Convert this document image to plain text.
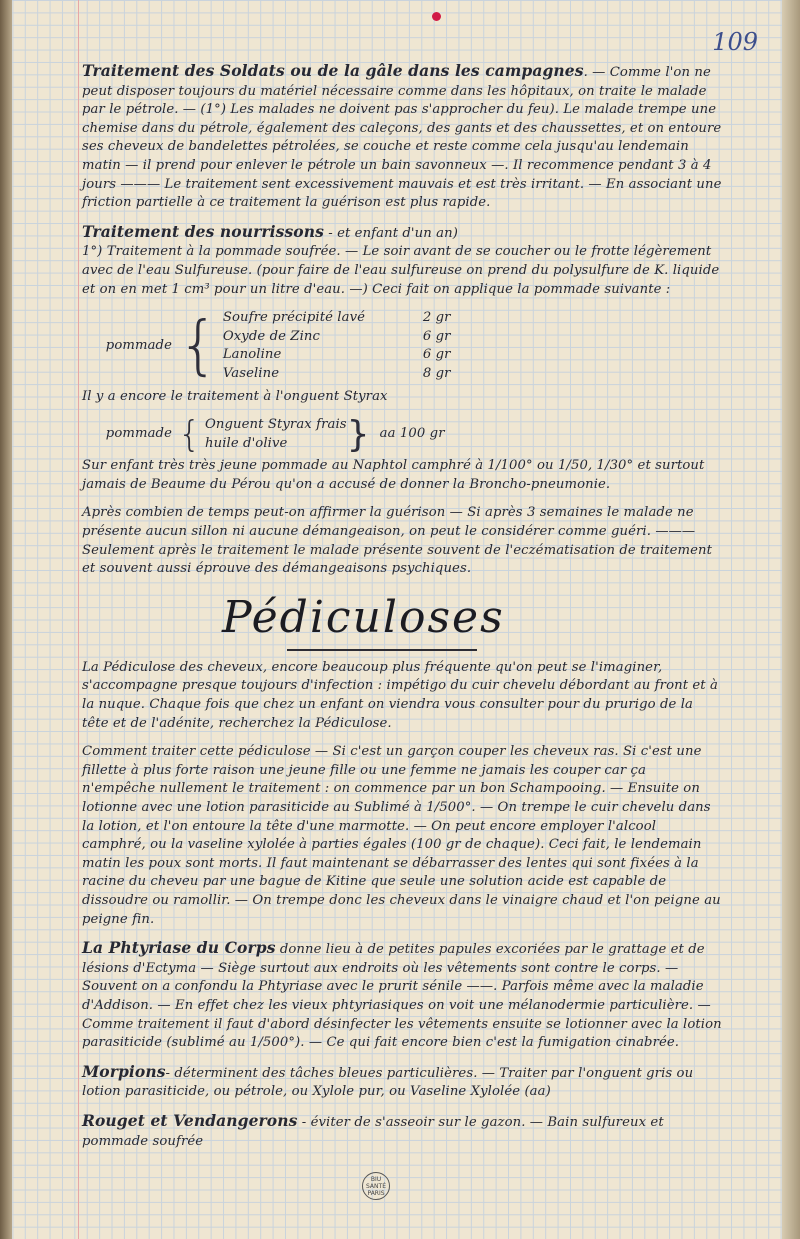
109

Traitement des Soldats ou de la gâle dans les campagnes. — Comme l'on ne peut disposer toujours du matériel nécessaire comme dans les hôpitaux, on traite le malade par le pétrole. — (1°) Les malades ne doivent pas s'approcher du feu). Le malade trempe une chemise dans du pétrole, également des caleçons, des gants et des chaussettes, et on entoure ses cheveux de bandelettes pétrolées, se couche et reste comme cela jusqu'au lendemain matin — il prend pour enlever le pétrole un bain savonneux —. Il recommence pendant 3 à 4 jours ——— Le traitement sent excessivement mauvais et est très irritant. — En associant une friction partielle à ce traitement la guérison est plus rapide.

Traitement des nourrissons - et enfant d'un an)
1°) Traitement à la pommade soufrée. — Le soir avant de se coucher ou le frotte légèrement avec de l'eau Sulfureuse. (pour faire de l'eau sulfureuse on prend du polysulfure de K. liquide et on en met 1 cm³ pour un litre d'eau. —) Ceci fait on applique la pommade suivante :

pommade { Soufre précipité lavé	2 gr
Oxyde de Zinc	6 gr
Lanoline	6 gr
Vaseline	8 gr

Il y a encore le traitement à l'onguent Styrax

pommade { Onguent Styrax frais
huile d'olive	} aa 100 gr

Sur enfant très très jeune pommade au Naphtol camphré à 1/100° ou 1/50, 1/30° et surtout jamais de Beaume du Pérou qu'on a accusé de donner la Broncho-pneumonie.

Après combien de temps peut-on affirmer la guérison — Si après 3 semaines le malade ne présente aucun sillon ni aucune démangeaison, on peut le considérer comme guéri. ——— Seulement après le traitement le malade présente souvent de l'eczématisation de traitement et souvent aussi éprouve des démangeaisons psychiques.

Pédiculoses

La Pédiculose des cheveux, encore beaucoup plus fréquente qu'on peut se l'imaginer, s'accompagne presque toujours d'infection : impétigo du cuir chevelu débordant au front et à la nuque. Chaque fois que chez un enfant on viendra vous consulter pour du prurigo de la tête et de l'adénite, recherchez la Pédiculose.

Comment traiter cette pédiculose — Si c'est un garçon couper les cheveux ras. Si c'est une fillette à plus forte raison une jeune fille ou une femme ne jamais les couper car ça n'empêche nullement le traitement : on commence par un bon Schampooing. — Ensuite on lotionne avec une lotion parasiticide au Sublimé à 1/500°. — On trempe le cuir chevelu dans la lotion, et l'on entoure la tête d'une marmotte. — On peut encore employer l'alcool camphré, ou la vaseline xylolée à parties égales (100 gr de chaque). Ceci fait, le lendemain matin les poux sont morts. Il faut maintenant se débarrasser des lentes qui sont fixées à la racine du cheveu par une bague de Kitine que seule une solution acide est capable de dissoudre ou ramollir. — On trempe donc les cheveux dans le vinaigre chaud et l'on peigne au peigne fin.

La Phtyriase du Corps donne lieu à de petites papules excoriées par le grattage et de lésions d'Ectyma — Siège surtout aux endroits où les vêtements sont contre le corps. — Souvent on a confondu la Phtyriase avec le prurit sénile ——. Parfois même avec la maladie d'Addison. — En effet chez les vieux phtyriasiques on voit une mélanodermie particulière. — Comme traitement il faut d'abord désinfecter les vêtements ensuite se lotionner avec la lotion parasiticide (sublimé au 1/500°). — Ce qui fait encore bien c'est la fumigation cinabrée.

Morpions- déterminent des tâches bleues particulières. — Traiter par l'onguent gris ou lotion parasiticide, ou pétrole, ou Xylole pur, ou Vaseline Xylolée (aa)

Rouget et Vendangerons - éviter de s'asseoir sur le gazon. — Bain sulfureux et pommade soufrée

BIU SANTÉ PARIS
